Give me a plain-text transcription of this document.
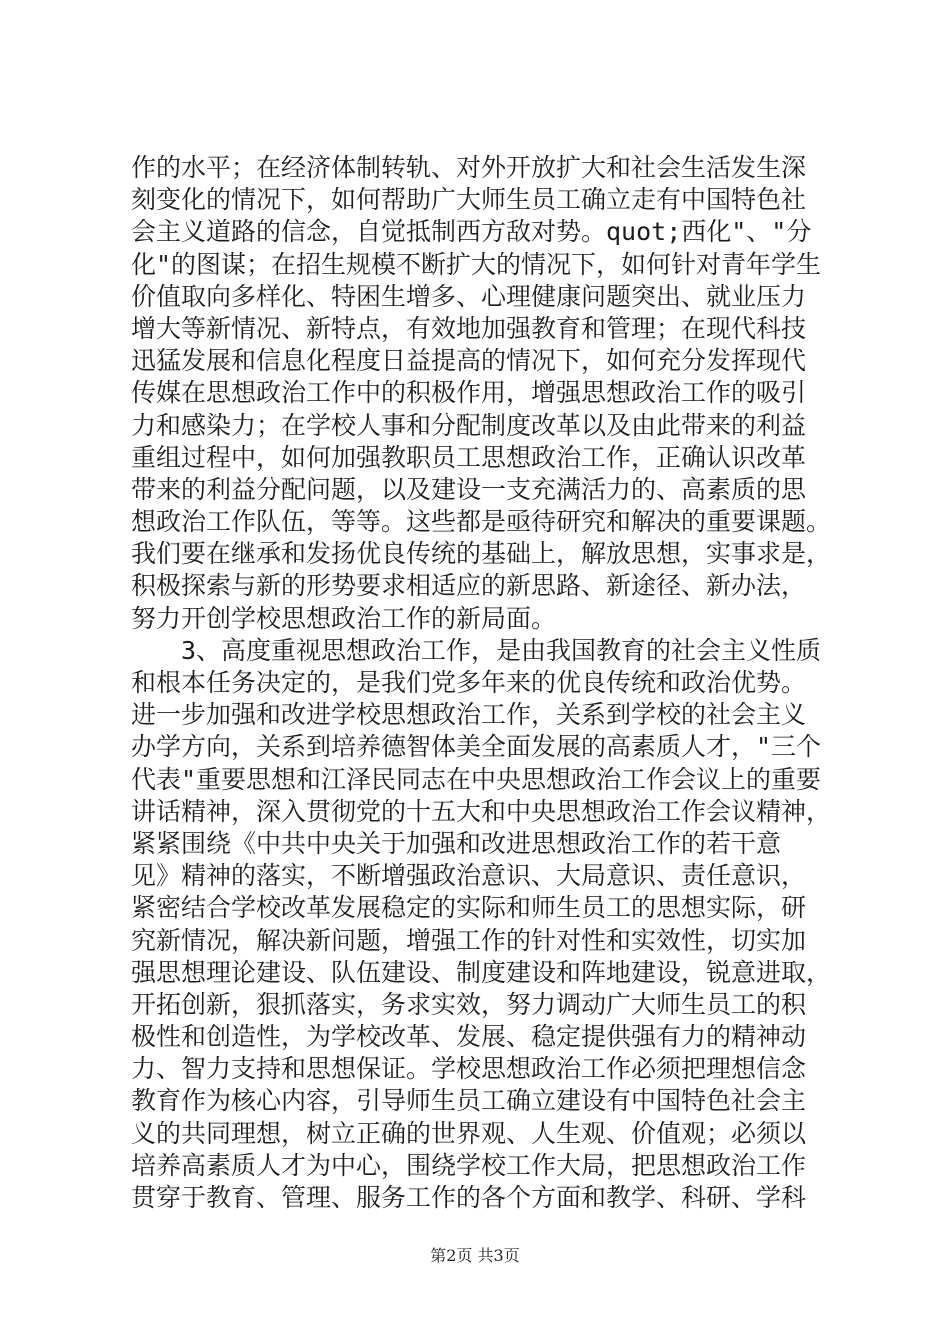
作的水平；在经济体制转轨、对外开放扩大和社会生活发生深
刻变化的情况下，如何帮助广大师生员工确立走有中国特色社
会主义道路的信念，自觉抵制西方敌对势。quot;西化"、"分
化"的图谋；在招生规模不断扩大的情况下，如何针对青年学生
价值取向多样化、特困生增多、心理健康问题突出、就业压力
增大等新情况、新特点，有效地加强教育和管理；在现代科技
迅猛发展和信息化程度日益提高的情况下，如何充分发挥现代
传媒在思想政治工作中的积极作用，增强思想政治工作的吸引
力和感染力；在学校人事和分配制度改革以及由此带来的利益
重组过程中，如何加强教职员工思想政治工作，正确认识改革
带来的利益分配问题，以及建设一支充满活力的、高素质的思
想政治工作队伍，等等。这些都是亟待研究和解决的重要课题。
我们要在继承和发扬优良传统的基础上，解放思想，实事求是，
积极探索与新的形势要求相适应的新思路、新途径、新办法，
努力开创学校思想政治工作的新局面。
　　3、高度重视思想政治工作，是由我国教育的社会主义性质
和根本任务决定的，是我们党多年来的优良传统和政治优势。
进一步加强和改进学校思想政治工作，关系到学校的社会主义
办学方向，关系到培养德智体美全面发展的高素质人才，"三个
代表"重要思想和江泽民同志在中央思想政治工作会议上的重要
讲话精神，深入贯彻党的十五大和中央思想政治工作会议精神，
紧紧围绕《中共中央关于加强和改进思想政治工作的若干意
见》精神的落实，不断增强政治意识、大局意识、责任意识，
紧密结合学校改革发展稳定的实际和师生员工的思想实际，研
究新情况，解决新问题，增强工作的针对性和实效性，切实加
强思想理论建设、队伍建设、制度建设和阵地建设，锐意进取，
开拓创新，狠抓落实，务求实效，努力调动广大师生员工的积
极性和创造性，为学校改革、发展、稳定提供强有力的精神动
力、智力支持和思想保证。学校思想政治工作必须把理想信念
教育作为核心内容，引导师生员工确立建设有中国特色社会主
义的共同理想，树立正确的世界观、人生观、价值观；必须以
培养高素质人才为中心，围绕学校工作大局，把思想政治工作
贯穿于教育、管理、服务工作的各个方面和教学、科研、学科
第2页 共3页
